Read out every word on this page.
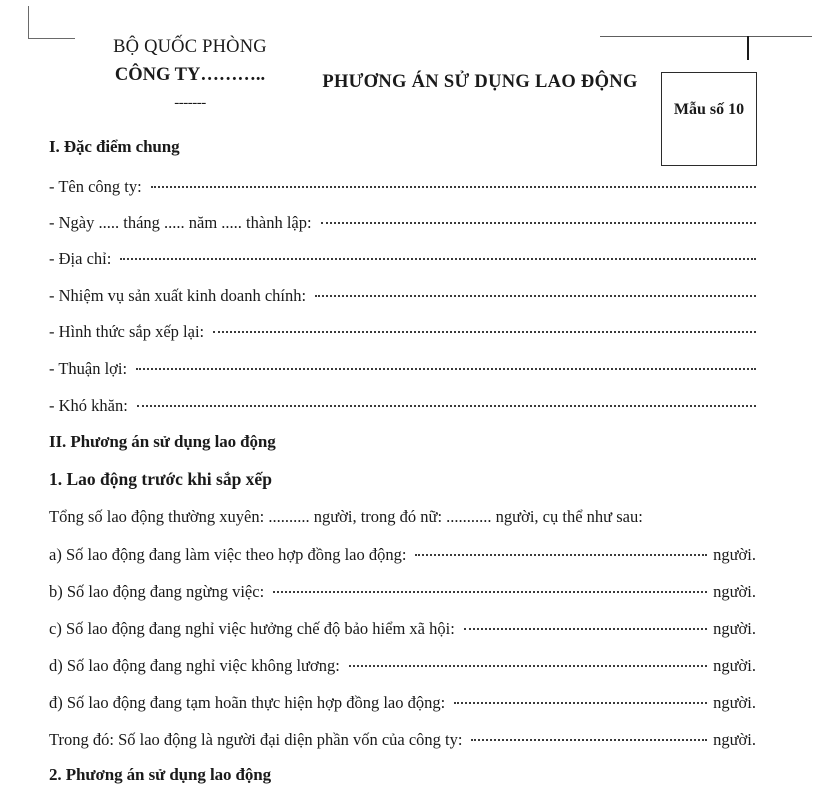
BỘ QUỐC PHÒNG
CÔNG TY………..
-------
PHƯƠNG ÁN SỬ DỤNG LAO ĐỘNG
Mẫu số 10
I. Đặc điểm chung
- Tên công ty:
- Ngày ..... tháng ..... năm ..... thành lập:
- Địa chỉ:
- Nhiệm vụ sản xuất kinh doanh chính:
- Hình thức sắp xếp lại:
- Thuận lợi:
- Khó khăn:
II. Phương án sử dụng lao động
1. Lao động trước khi sắp xếp
Tổng số lao động thường xuyên: .......... người, trong đó nữ: ........... người, cụ thể như sau:
a) Số lao động đang làm việc theo hợp đồng lao động:	người.
b) Số lao động đang ngừng việc:	người.
c) Số lao động đang nghỉ việc hưởng chế độ bảo hiểm xã hội:	người.
d) Số lao động đang nghỉ việc không lương:	người.
đ) Số lao động đang tạm hoãn thực hiện hợp đồng lao động:	người.
Trong đó: Số lao động là người đại diện phần vốn của công ty:	người.
2. Phương án sử dụng lao động
